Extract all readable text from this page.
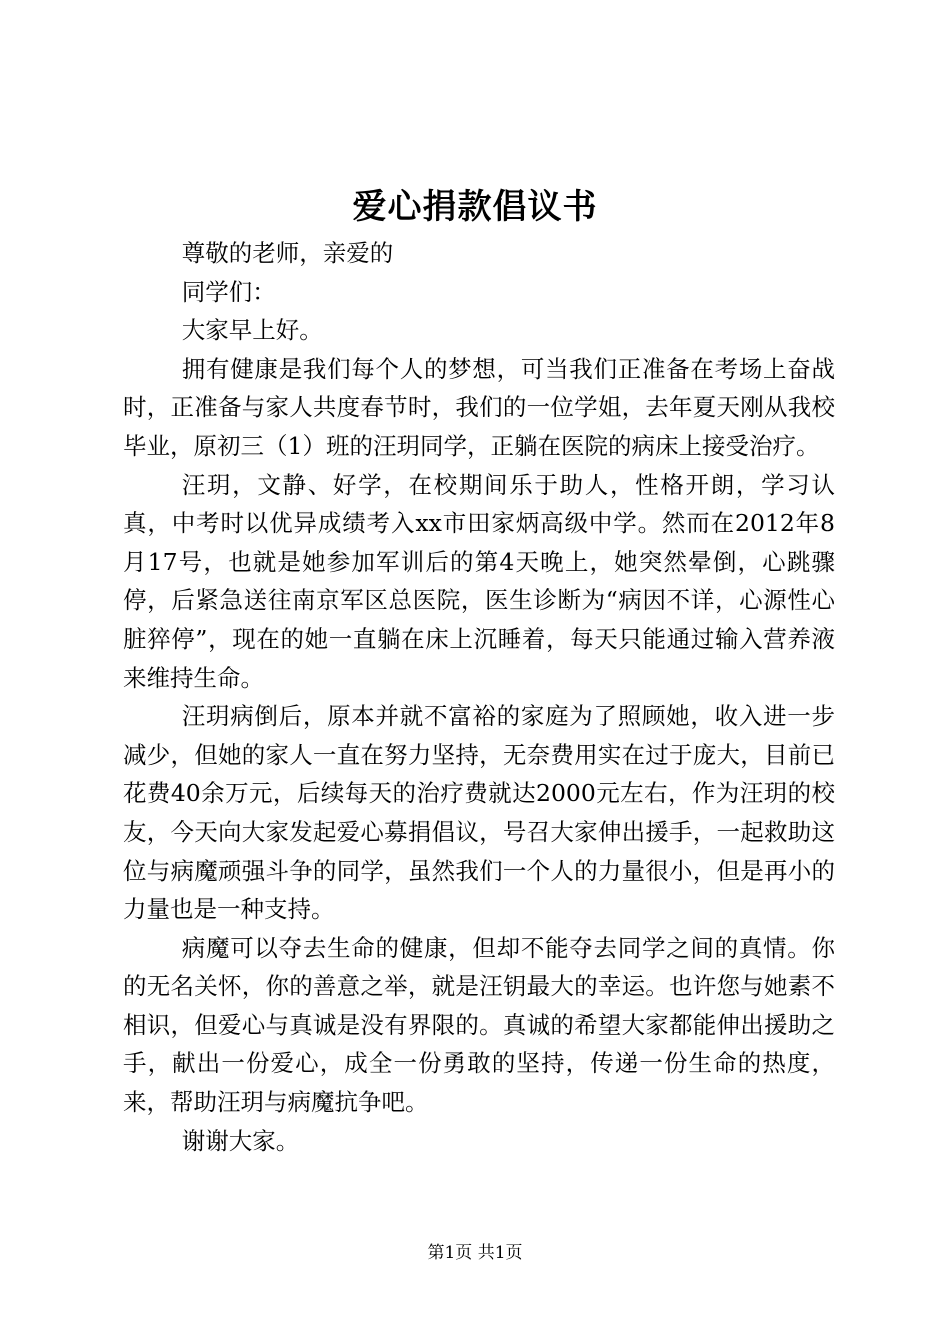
爱心捐款倡议书

尊敬的老师，亲爱的

同学们：

大家早上好。

拥有健康是我们每个人的梦想，可当我们正准备在考场上奋战时，正准备与家人共度春节时，我们的一位学姐，去年夏天刚从我校毕业，原初三（1）班的汪玥同学，正躺在医院的病床上接受治疗。

汪玥，文静、好学，在校期间乐于助人，性格开朗，学习认真，中考时以优异成绩考入xx市田家炳高级中学。然而在2012年8月17号，也就是她参加军训后的第4天晚上，她突然晕倒，心跳骤停，后紧急送往南京军区总医院，医生诊断为“病因不详，心源性心脏猝停”，现在的她一直躺在床上沉睡着，每天只能通过输入营养液来维持生命。

汪玥病倒后，原本并就不富裕的家庭为了照顾她，收入进一步减少，但她的家人一直在努力坚持，无奈费用实在过于庞大，目前已花费40余万元，后续每天的治疗费就达2000元左右，作为汪玥的校友，今天向大家发起爱心募捐倡议，号召大家伸出援手，一起救助这位与病魔顽强斗争的同学，虽然我们一个人的力量很小，但是再小的力量也是一种支持。

病魔可以夺去生命的健康，但却不能夺去同学之间的真情。你的无名关怀，你的善意之举，就是汪钥最大的幸运。也许您与她素不相识，但爱心与真诚是没有界限的。真诚的希望大家都能伸出援助之手，献出一份爱心，成全一份勇敢的坚持，传递一份生命的热度，来，帮助汪玥与病魔抗争吧。

谢谢大家。

第1页 共1页
